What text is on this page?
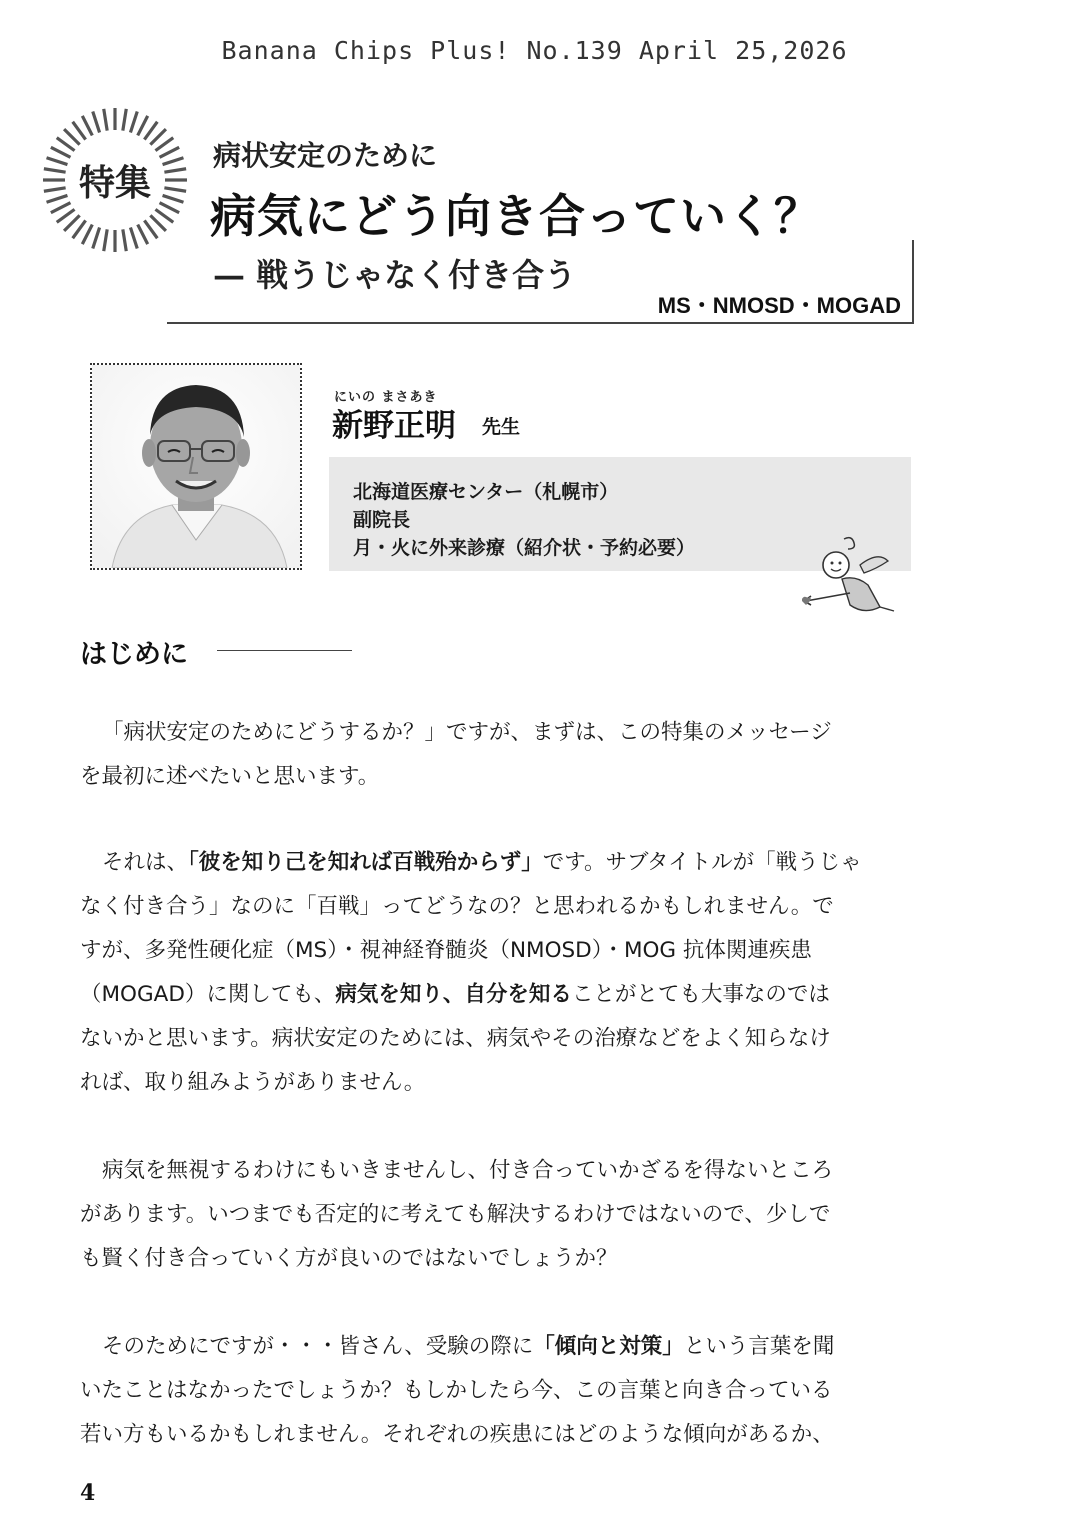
Banana Chips Plus! No.139 April 25,2026
特集
病状安定のために
病気にどう向き合っていく？
— 戦うじゃなく付き合う
MS・NMOSD・MOGAD
にいの まさあき
新野正明 先生
北海道医療センター（札幌市）
副院長
月・火に外来診療（紹介状・予約必要）
はじめに
「病状安定のためにどうするか？」ですが、まずは、この特集のメッセージ
を最初に述べたいと思います。
それは、「彼を知り己を知れば百戦殆からず」です。サブタイトルが「戦うじゃ
なく付き合う」なのに「百戦」ってどうなの？と思われるかもしれません。で
すが、多発性硬化症（MS）・視神経脊髄炎（NMOSD）・MOG 抗体関連疾患
（MOGAD）に関しても、病気を知り、自分を知ることがとても大事なのでは
ないかと思います。病状安定のためには、病気やその治療などをよく知らなけ
れば、取り組みようがありません。
病気を無視するわけにもいきませんし、付き合っていかざるを得ないところ
があります。いつまでも否定的に考えても解決するわけではないので、少しで
も賢く付き合っていく方が良いのではないでしょうか？
そのためにですが・・・皆さん、受験の際に「傾向と対策」という言葉を聞
いたことはなかったでしょうか？もしかしたら今、この言葉と向き合っている
若い方もいるかもしれません。それぞれの疾患にはどのような傾向があるか、
4
